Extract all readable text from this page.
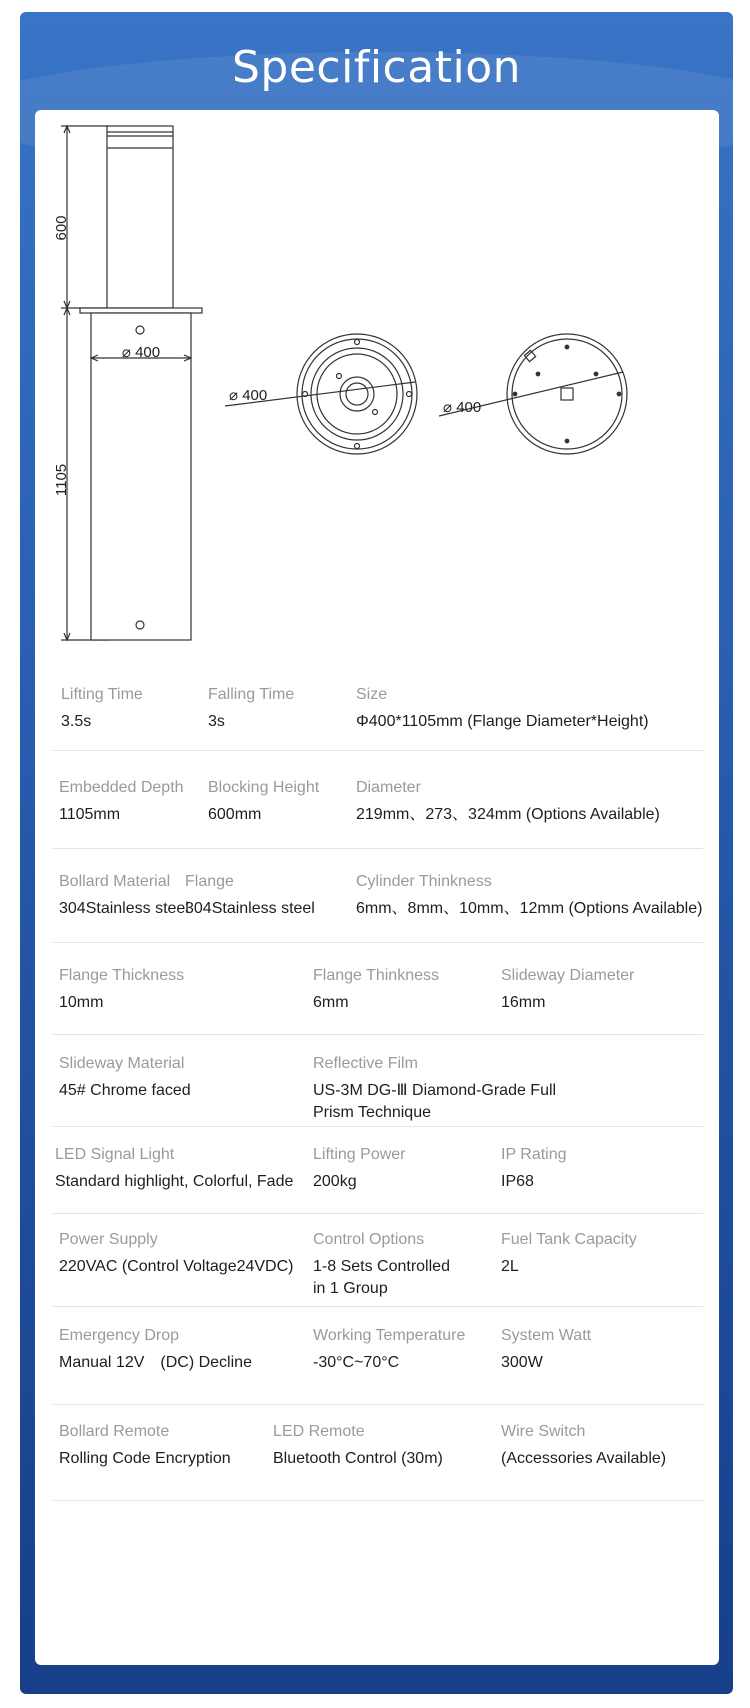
Specification
600
1105
⌀ 400
⌀ 400
⌀ 400
Lifting Time
3.5s
Falling Time
3s
Size
Φ400*1105mm (Flange Diameter*Height)
Embedded Depth
1105mm
Blocking Height
600mm
Diameter
219mm、273、324mm (Options Available)
Bollard Material
304Stainless steel
Flange
304Stainless steel
Cylinder Thinkness
6mm、8mm、10mm、12mm (Options Available)
Flange Thickness
10mm
Flange Thinkness
6mm
Slideway Diameter
16mm
Slideway Material
45# Chrome faced
Reflective Film
US-3M DG-Ⅲ Diamond-Grade Full Prism Technique
LED Signal Light
Standard highlight, Colorful, Fade
Lifting Power
200kg
IP Rating
IP68
Power Supply
220VAC (Control Voltage24VDC)
Control Options
1-8 Sets Controlled in 1 Group
Fuel Tank Capacity
2L
Emergency Drop
Manual 12V　(DC) Decline
Working Temperature
-30°C~70°C
System Watt
300W
Bollard Remote
Rolling Code Encryption
LED Remote
Bluetooth Control (30m)
Wire Switch
(Accessories Available)
